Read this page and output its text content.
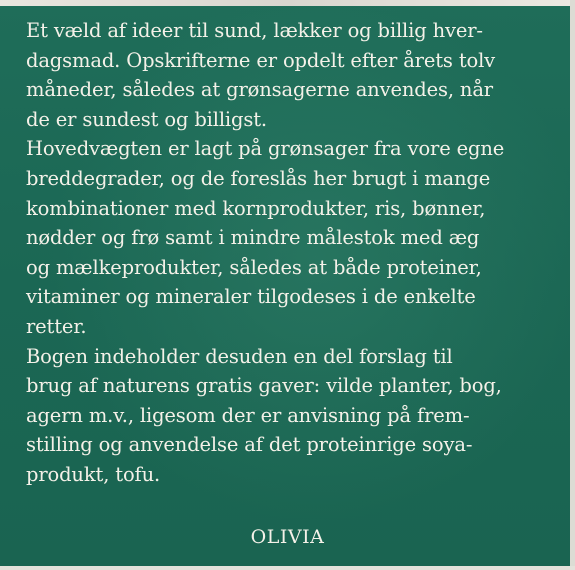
Et væld af ideer til sund, lækker og billig hver-
dagsmad. Opskrifterne er opdelt efter årets tolv
måneder, således at grønsagerne anvendes, når
de er sundest og billigst.

Hovedvægten er lagt på grønsager fra vore egne
breddegrader, og de foreslås her brugt i mange
kombinationer med kornprodukter, ris, bønner,
nødder og frø samt i mindre målestok med æg
og mælkeprodukter, således at både proteiner,
vitaminer og mineraler tilgodeses i de enkelte
retter.

Bogen indeholder desuden en del forslag til
brug af naturens gratis gaver: vilde planter, bog,
agern m.v., ligesom der er anvisning på frem-
stilling og anvendelse af det proteinrige soya-
produkt, tofu.

OLIVIA
